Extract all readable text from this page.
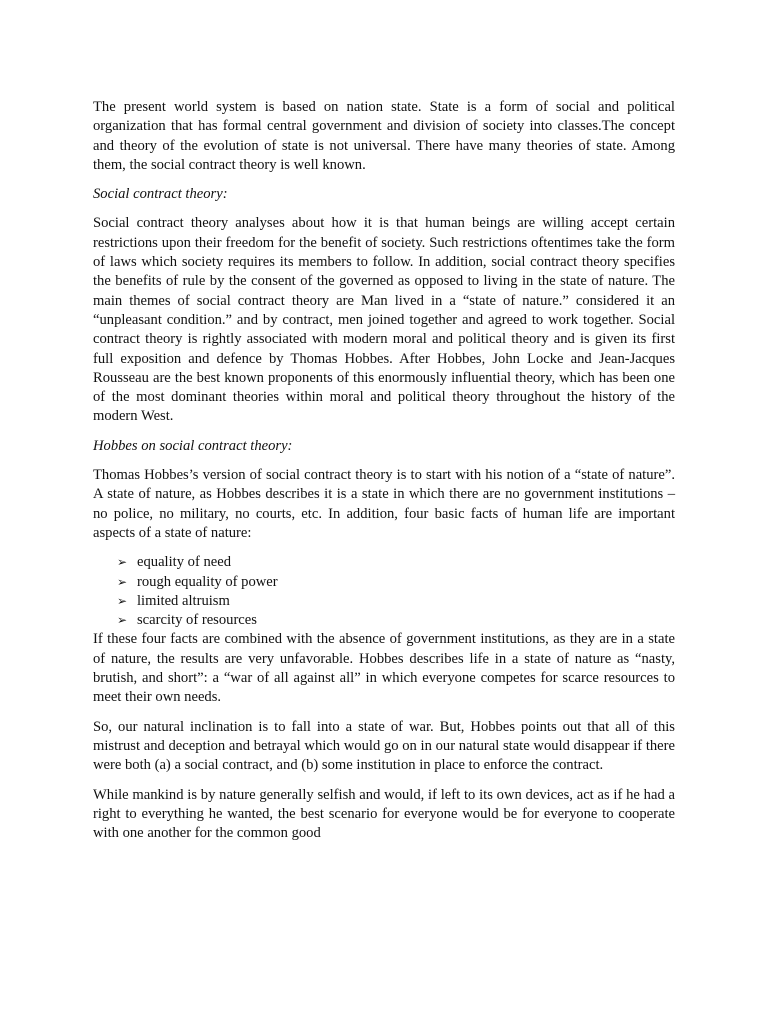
The present world system is based on nation state. State is a form of social and political organization that has formal central government and division of society into classes.The concept and theory of the evolution of state is not universal. There have many theories of state. Among them, the social contract theory is well known.

Social contract theory:

Social contract theory analyses about how it is that human beings are willing accept certain restrictions upon their freedom for the benefit of society. Such restrictions oftentimes take the form of laws which society requires its members to follow. In addition, social contract theory specifies the benefits of rule by the consent of the governed as opposed to living in the state of nature. The main themes of social contract theory are Man lived in a “state of nature.” considered it an “unpleasant condition.” and by contract, men joined together and agreed to work together. Social contract theory is rightly associated with modern moral and political theory and is given its first full exposition and defence by Thomas Hobbes. After Hobbes, John Locke and Jean-Jacques Rousseau are the best known proponents of this enormously influential theory, which has been one of the most dominant theories within moral and political theory throughout the history of the modern West.

Hobbes on social contract theory:

Thomas Hobbes’s version of social contract theory is to start with his notion of a “state of nature”. A state of nature, as Hobbes describes it is a state in which there are no government institutions – no police, no military, no courts, etc. In addition, four basic facts of human life are important aspects of a state of nature:

➢ equality of need
➢ rough equality of power
➢ limited altruism
➢ scarcity of resources

If these four facts are combined with the absence of government institutions, as they are in a state of nature, the results are very unfavorable. Hobbes describes life in a state of nature as “nasty, brutish, and short”: a “war of all against all” in which everyone competes for scarce resources to meet their own needs.

So, our natural inclination is to fall into a state of war. But, Hobbes points out that all of this mistrust and deception and betrayal which would go on in our natural state would disappear if there were both (a) a social contract, and (b) some institution in place to enforce the contract.

While mankind is by nature generally selfish and would, if left to its own devices, act as if he had a right to everything he wanted, the best scenario for everyone would be for everyone to cooperate with one another for the common good
